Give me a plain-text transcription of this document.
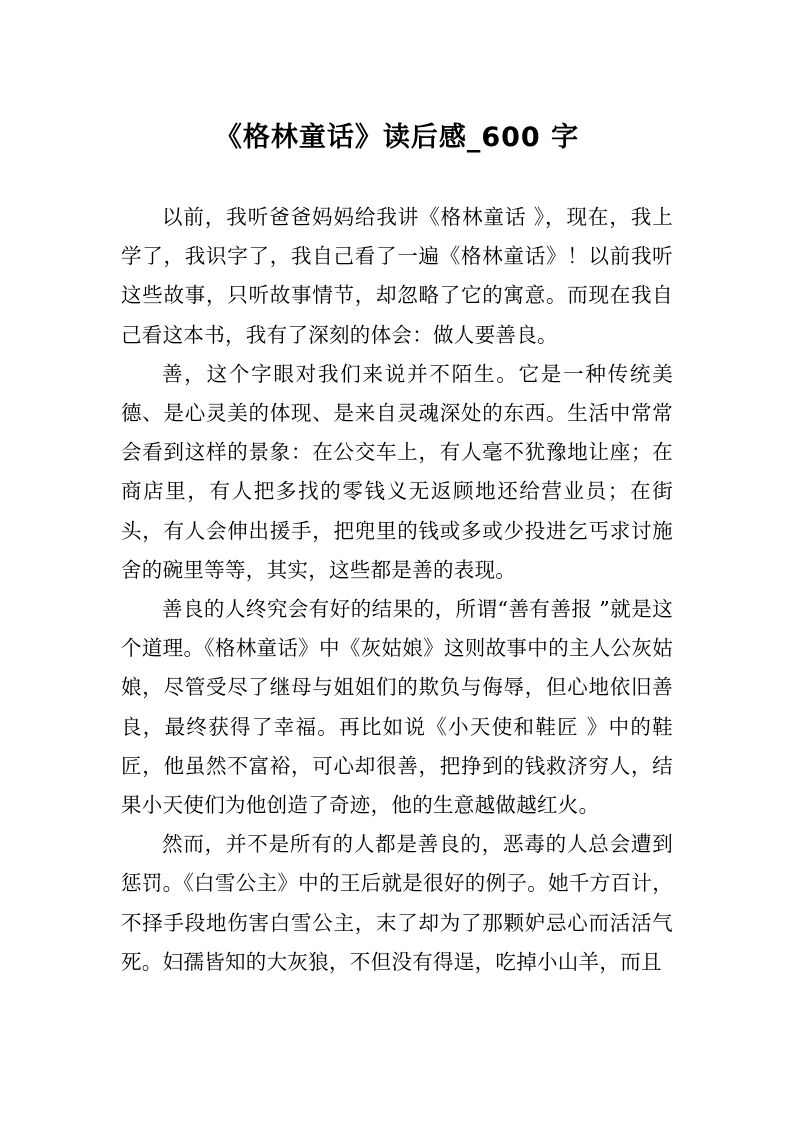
《格林童话》读后感_600 字

以前，我听爸爸妈妈给我讲《格林童话 》，现在，我上学了，我识字了，我自己看了一遍《格林童话》！以前我听这些故事，只听故事情节，却忽略了它的寓意。而现在我自己看这本书，我有了深刻的体会：做人要善良。

善，这个字眼对我们来说并不陌生。它是一种传统美德、是心灵美的体现、是来自灵魂深处的东西。生活中常常会看到这样的景象：在公交车上，有人毫不犹豫地让座；在商店里，有人把多找的零钱义无返顾地还给营业员；在街头，有人会伸出援手，把兜里的钱或多或少投进乞丐求讨施舍的碗里等等，其实，这些都是善的表现。

善良的人终究会有好的结果的，所谓“善有善报 ”就是这个道理。《格林童话》中《灰姑娘》这则故事中的主人公灰姑娘，尽管受尽了继母与姐姐们的欺负与侮辱，但心地依旧善良，最终获得了幸福。再比如说《小天使和鞋匠 》中的鞋匠，他虽然不富裕，可心却很善，把挣到的钱救济穷人，结果小天使们为他创造了奇迹，他的生意越做越红火。

然而，并不是所有的人都是善良的，恶毒的人总会遭到惩罚。《白雪公主》中的王后就是很好的例子。她千方百计，不择手段地伤害白雪公主，末了却为了那颗妒忌心而活活气死。妇孺皆知的大灰狼，不但没有得逞，吃掉小山羊，而且
